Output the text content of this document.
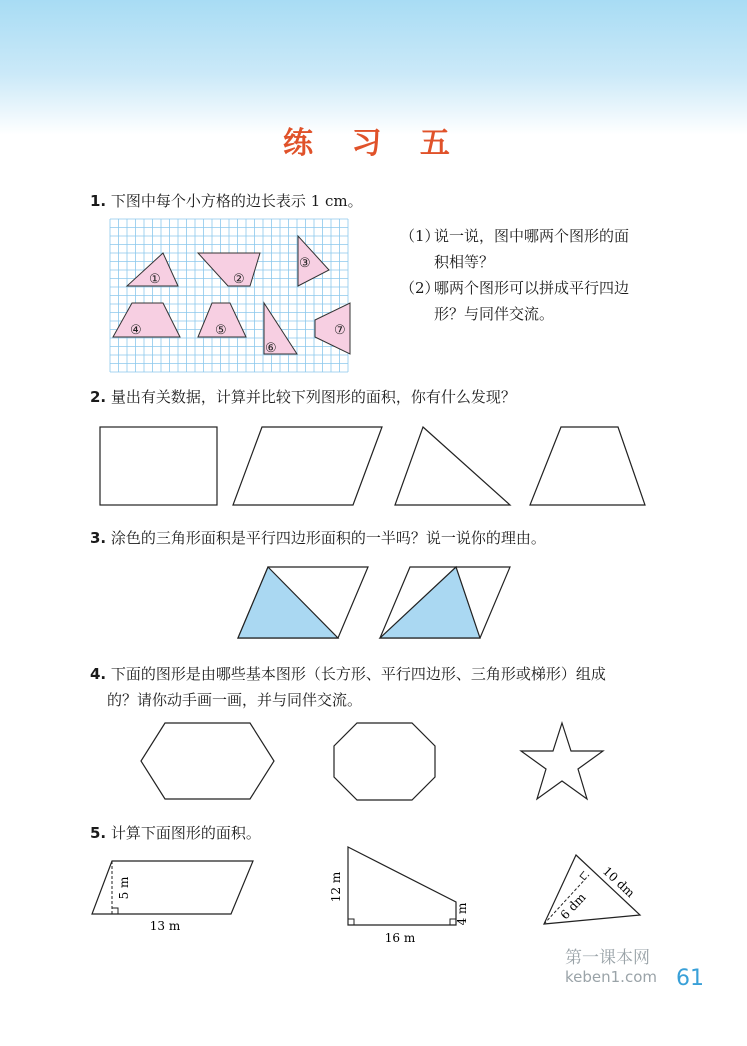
练 习 五
1. 下图中每个小方格的边长表示 1 cm。
①	②
③
④	⑤
⑥
⑦
（1）
说一说，图中哪两个图形的面
积相等？
（2）
哪两个图形可以拼成平行四边
形？与同伴交流。
2. 量出有关数据，计算并比较下列图形的面积，你有什么发现？
3. 涂色的三角形面积是平行四边形面积的一半吗？说一说你的理由。
4. 下面的图形是由哪些基本图形（长方形、平行四边形、三角形或梯形）组成
的？请你动手画一画，并与同伴交流。
5. 计算下面图形的面积。
5 m
13 m
12 m
16 m
4 m
10 dm
6 dm
第一课本网
keben1.com 61
